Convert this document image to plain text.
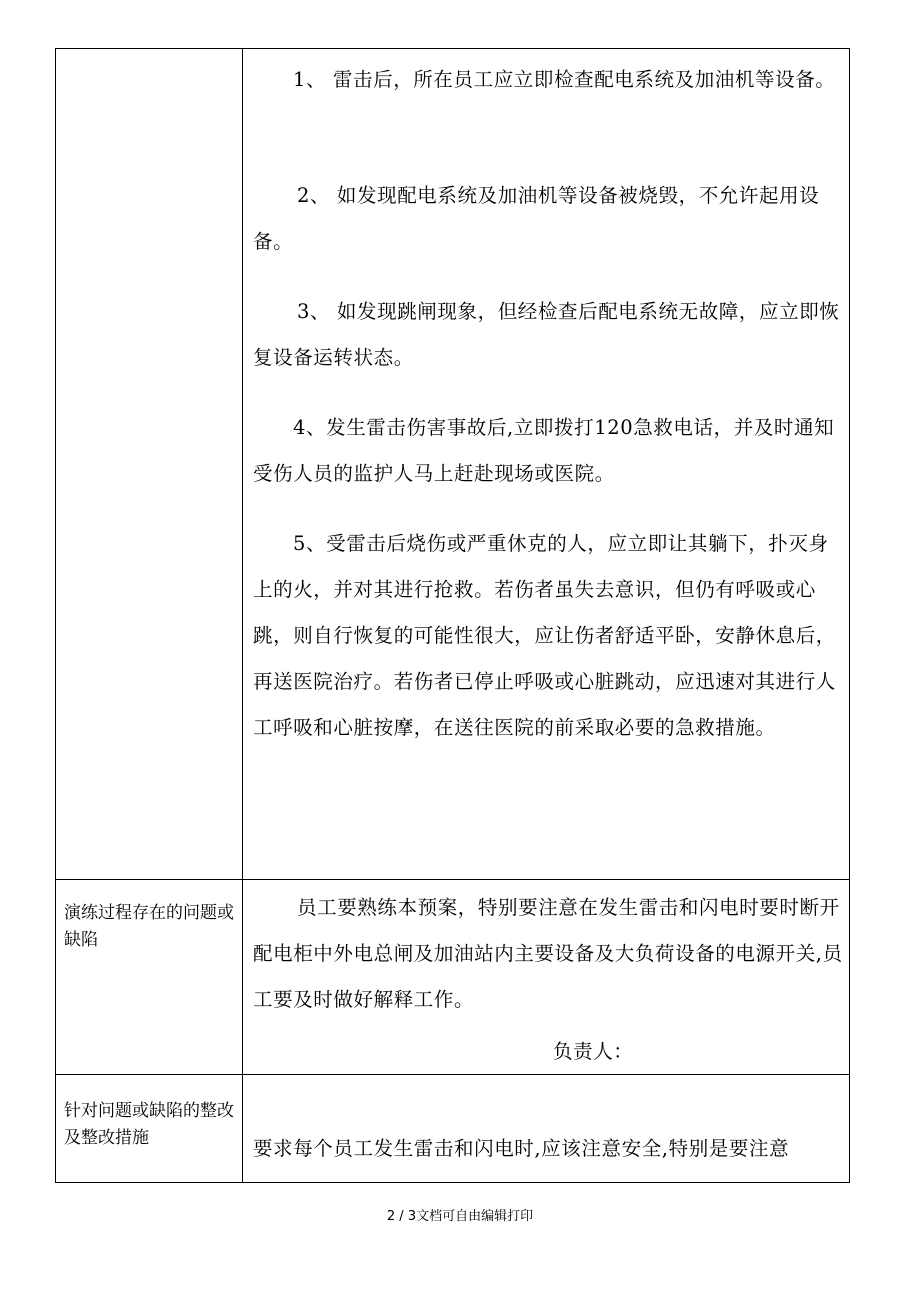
1、 雷击后，所在员工应立即检查配电系统及加油机等设备。

2、 如发现配电系统及加油机等设备被烧毁，不允许起用设备。

3、 如发现跳闸现象，但经检查后配电系统无故障，应立即恢复设备运转状态。

4、发生雷击伤害事故后,立即拨打120急救电话，并及时通知受伤人员的监护人马上赶赴现场或医院。

5、受雷击后烧伤或严重休克的人，应立即让其躺下，扑灭身上的火，并对其进行抢救。若伤者虽失去意识，但仍有呼吸或心跳，则自行恢复的可能性很大，应让伤者舒适平卧，安静休息后，再送医院治疗。若伤者已停止呼吸或心脏跳动，应迅速对其进行人工呼吸和心脏按摩，在送往医院的前采取必要的急救措施。

演练过程存在的问题或缺陷

员工要熟练本预案，特别要注意在发生雷击和闪电时要时断开配电柜中外电总闸及加油站内主要设备及大负荷设备的电源开关,员工要及时做好解释工作。

负责人：

针对问题或缺陷的整改及整改措施	要求每个员工发生雷击和闪电时,应该注意安全,特别是要注意

2 / 3文档可自由编辑打印
